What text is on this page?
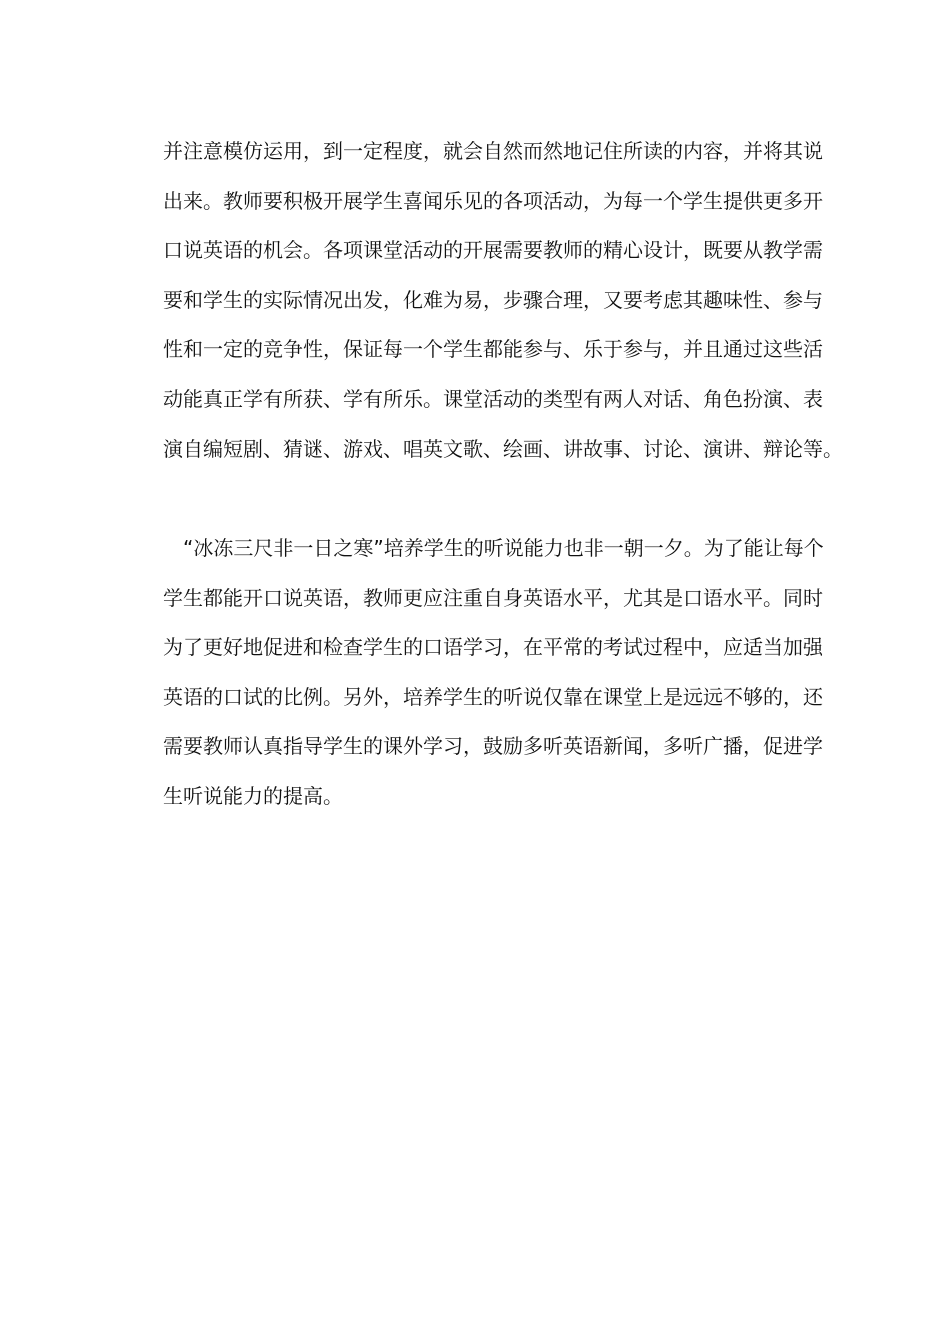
并注意模仿运用，到一定程度，就会自然而然地记住所读的内容，并将其说
出来。教师要积极开展学生喜闻乐见的各项活动，为每一个学生提供更多开
口说英语的机会。各项课堂活动的开展需要教师的精心设计，既要从教学需
要和学生的实际情况出发，化难为易，步骤合理，又要考虑其趣味性、参与
性和一定的竞争性，保证每一个学生都能参与、乐于参与，并且通过这些活
动能真正学有所获、学有所乐。课堂活动的类型有两人对话、角色扮演、表
演自编短剧、猜谜、游戏、唱英文歌、绘画、讲故事、讨论、演讲、辩论等。
　“冰冻三尺非一日之寒”培养学生的听说能力也非一朝一夕。为了能让每个
学生都能开口说英语，教师更应注重自身英语水平，尤其是口语水平。同时
为了更好地促进和检查学生的口语学习，在平常的考试过程中，应适当加强
英语的口试的比例。另外，培养学生的听说仅靠在课堂上是远远不够的，还
需要教师认真指导学生的课外学习，鼓励多听英语新闻，多听广播，促进学
生听说能力的提高。
